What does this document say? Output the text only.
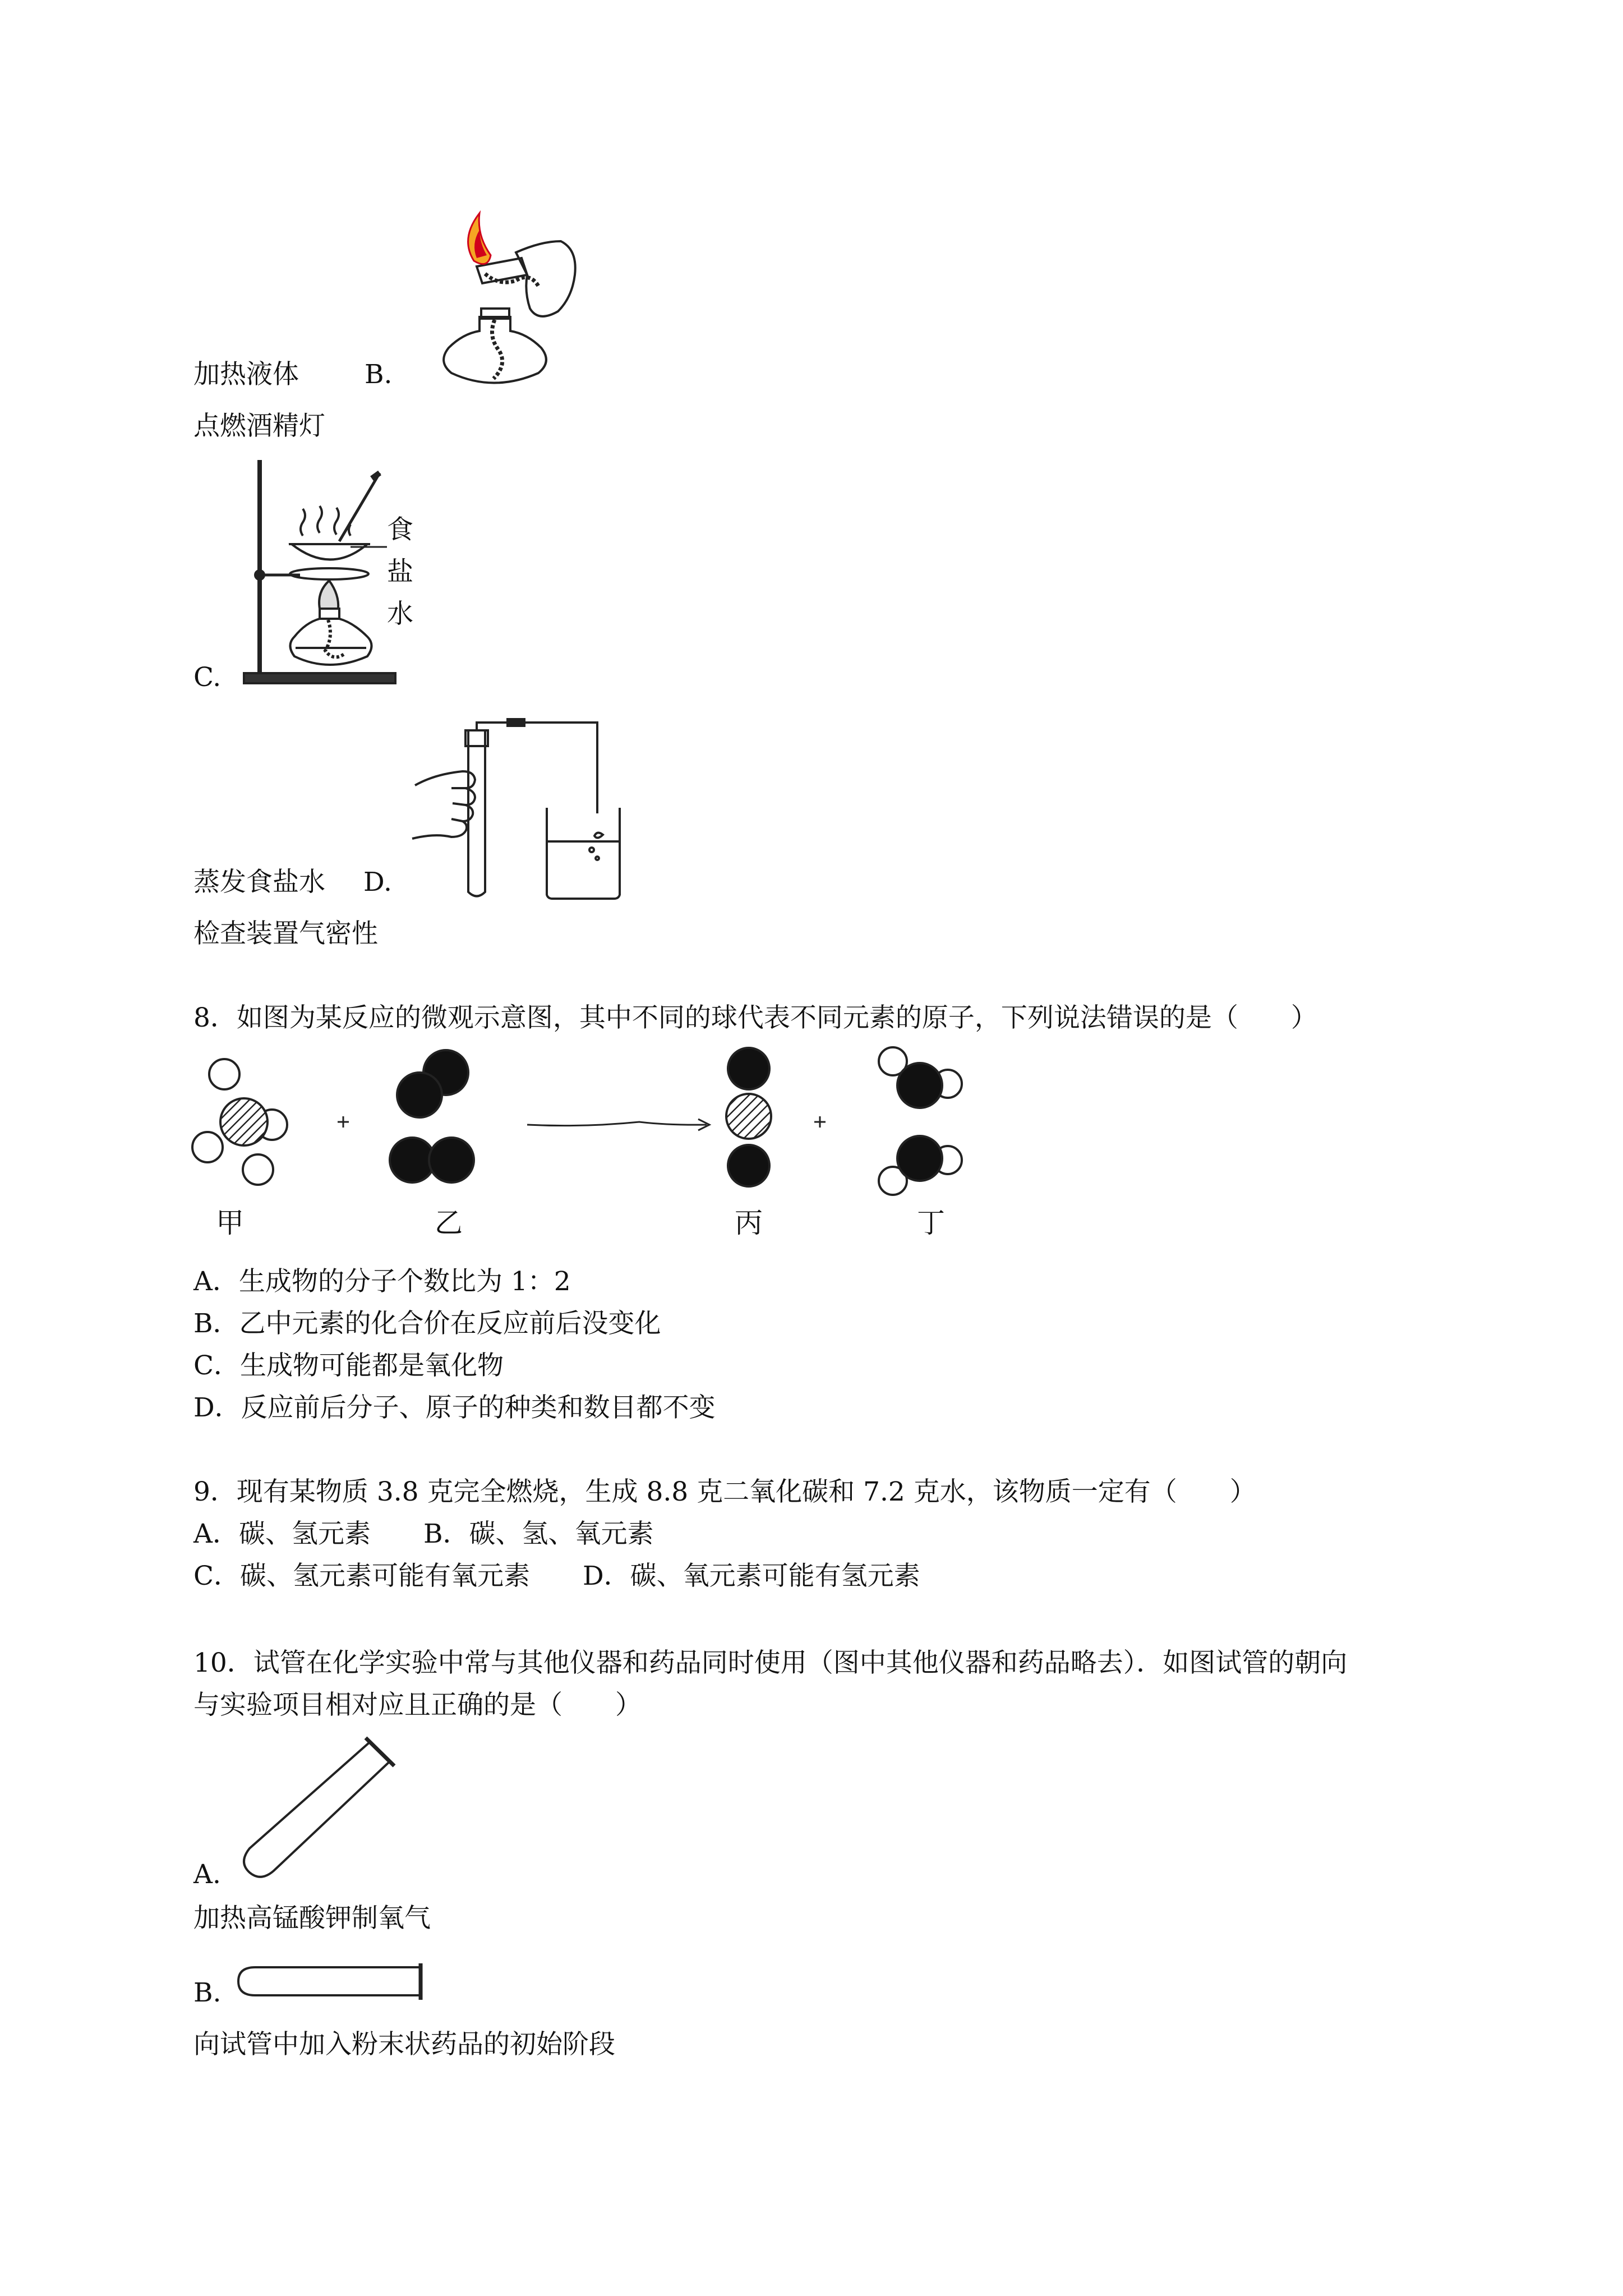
加热液体 B.
点燃酒精灯
C.
食
盐
水
蒸发食盐水 D.
检查装置气密性
8．如图为某反应的微观示意图，其中不同的球代表不同元素的原子，下列说法错误的是（　　）
甲	乙	丙	丁
A．生成物的分子个数比为 1：2
B．乙中元素的化合价在反应前后没变化
C．生成物可能都是氧化物
D．反应前后分子、原子的种类和数目都不变
9．现有某物质 3.8 克完全燃烧，生成 8.8 克二氧化碳和 7.2 克水，该物质一定有（　　）
A．碳、氢元素　　B．碳、氢、氧元素
C．碳、氢元素可能有氧元素　　D．碳、氧元素可能有氢元素
10．试管在化学实验中常与其他仪器和药品同时使用（图中其他仪器和药品略去）．如图试管的朝向
与实验项目相对应且正确的是（　　）
A.
加热高锰酸钾制氧气
B.
向试管中加入粉末状药品的初始阶段
